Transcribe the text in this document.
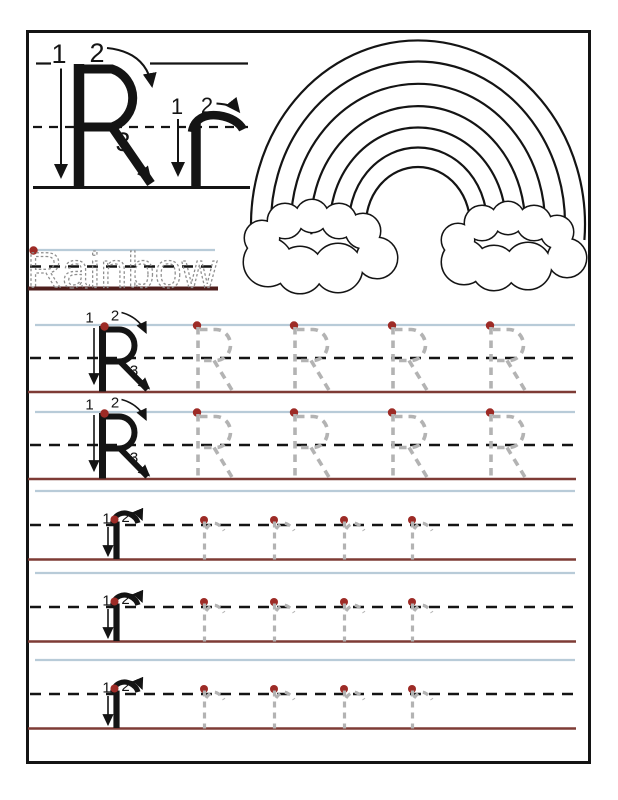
1 2
3
1 2
Rainbow
